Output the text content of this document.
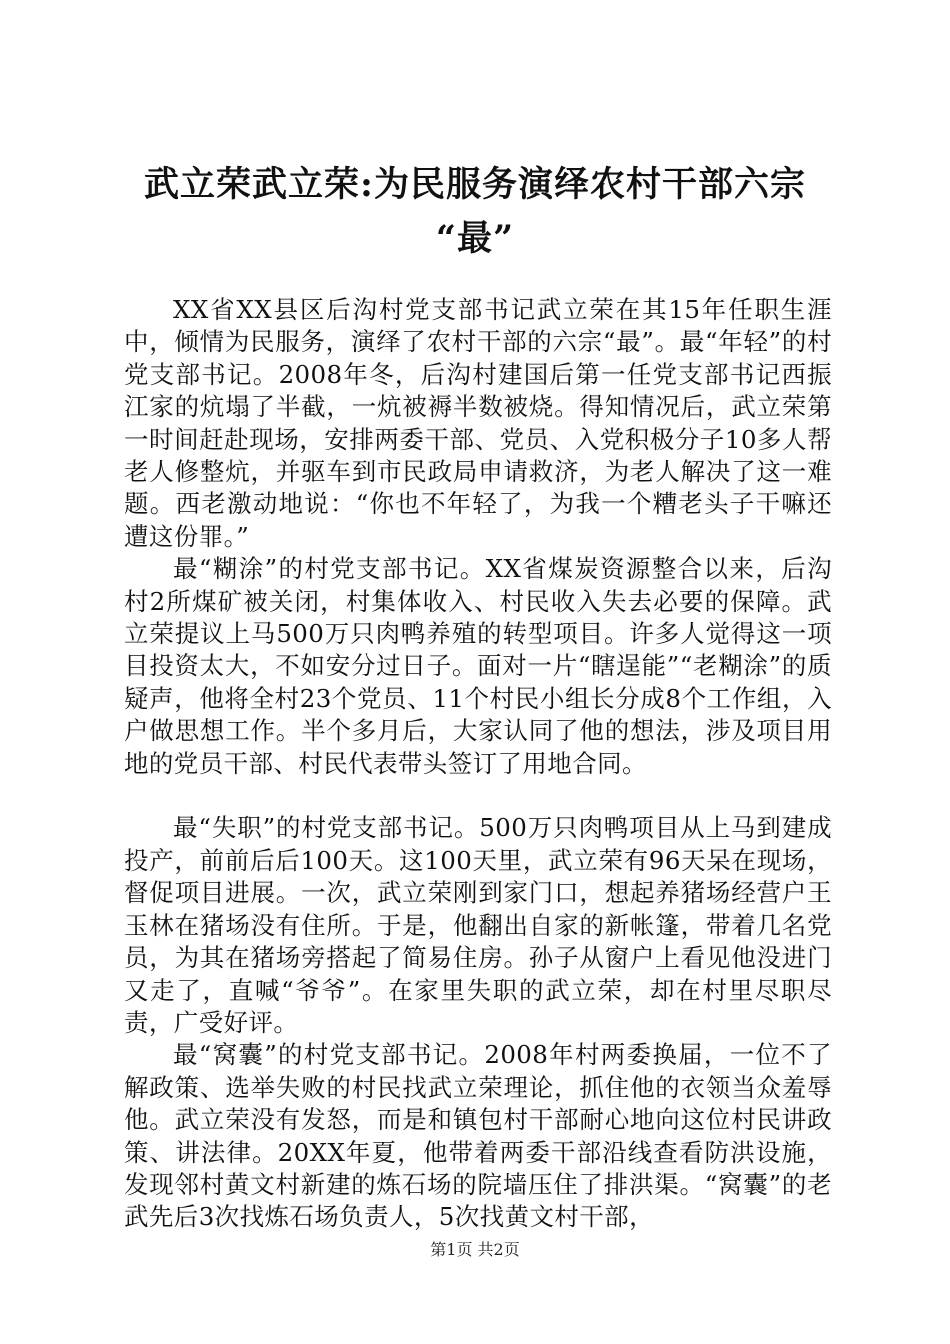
武立荣武立荣:为民服务演绎农村干部六宗
“最”

XX省XX县区后沟村党支部书记武立荣在其15年任职生涯中，倾情为民服务，演绎了农村干部的六宗“最”。最“年轻”的村党支部书记。2008年冬，后沟村建国后第一任党支部书记西振江家的炕塌了半截，一炕被褥半数被烧。得知情况后，武立荣第一时间赶赴现场，安排两委干部、党员、入党积极分子10多人帮老人修整炕，并驱车到市民政局申请救济，为老人解决了这一难题。西老激动地说：“你也不年轻了，为我一个糟老头子干嘛还遭这份罪。”

最“糊涂”的村党支部书记。XX省煤炭资源整合以来，后沟村2所煤矿被关闭，村集体收入、村民收入失去必要的保障。武立荣提议上马500万只肉鸭养殖的转型项目。许多人觉得这一项目投资太大，不如安分过日子。面对一片“瞎逞能”“老糊涂”的质疑声，他将全村23个党员、11个村民小组长分成8个工作组，入户做思想工作。半个多月后，大家认同了他的想法，涉及项目用地的党员干部、村民代表带头签订了用地合同。

最“失职”的村党支部书记。500万只肉鸭项目从上马到建成投产，前前后后100天。这100天里，武立荣有96天呆在现场，督促项目进展。一次，武立荣刚到家门口，想起养猪场经营户王玉林在猪场没有住所。于是，他翻出自家的新帐篷，带着几名党员，为其在猪场旁搭起了简易住房。孙子从窗户上看见他没进门又走了，直喊“爷爷”。在家里失职的武立荣，却在村里尽职尽责，广受好评。

最“窝囊”的村党支部书记。2008年村两委换届，一位不了解政策、选举失败的村民找武立荣理论，抓住他的衣领当众羞辱他。武立荣没有发怒，而是和镇包村干部耐心地向这位村民讲政策、讲法律。20XX年夏，他带着两委干部沿线查看防洪设施，发现邻村黄文村新建的炼石场的院墙压住了排洪渠。“窝囊”的老武先后3次找炼石场负责人，5次找黄文村干部，

第1页 共2页
